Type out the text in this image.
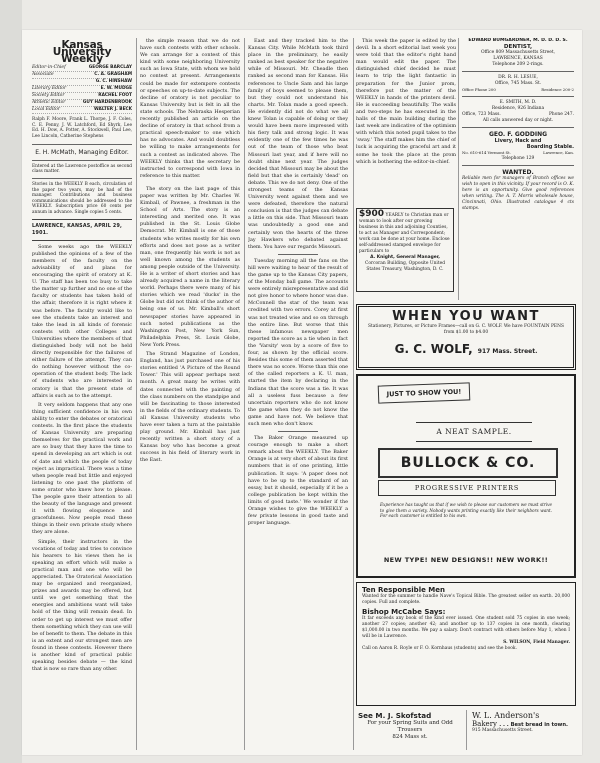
Kansas University Weekly
Editor-in-Chief	GEORGE BARCLAY
Associate	C. A. GRAGHAM
G. C. HINSHAW
Literary Editor	E. W. MUDGE
Society Editor	RACHEL FOOT
Athletic Editor	GUY HARDENBROOK
Local Editor	WALTER J. BECK
Ralph F. Moore, Frank L. Thorpe, J. F. Coles, C. E. Penny, J. W. Latchford, Ed Shyrk, Lee Ed. H. Dow, A. Potter, A. Stockwell, Paul Lee, Lee Lincoln, Catherine Stephens
E. H. McMath, Managing Editor.
Entered at the Lawrence postoffice as second class matter.
Stories in the WEEKLY B each, circulation of the paper two years, may be had of the manager. Contributions and business communications should be addressed to the WEEKLY. Subscription price 60 cents per annum in advance. Single copies 5 cents.
LAWRENCE, KANSAS, APRIL 29, 1901.

Some weeks ago the WEEKLY published the opinions of a few of the members of the faculty on the advisability of and plans for encouraging the spirit of oratory at K. U. The staff has been too busy to take the matter up further and no one of the faculty or students has taken hold of the affair, therefore it is right where it was before. The faculty would like to see the students take an interest and take the lead in all kinds of forensic contests with other Colleges and Universities where the members of that distinguished body will not be held directly responsible for the failures of either failure of the attempt. They can do nothing however without the co-operation of the student body. The lack of students who are interested in oratory is that the present state of affairs is such as to the attempt.

It very seldom happens that any one thing sufficient confidence in his own ability to enter the debates or oratorical contests. In the first place the students of Kansas University are preparing themselves for the practical work and are so busy that they have the time to spend in developing an art which is out of date and which the people of today reject as impractical. There was a time when people read but little and enjoyed listening to one past the platform of some orator who knew how to please. The people gave their attention to all the beauty of the language and present it with flowing eloquence and gracefulness. Now people read these things in their own private study where they are alone.

Simple, their instructors in the vocations of today and tries to convince his hearers to his views then he is speaking an effort which will make a practical man and one who will be appreciated. The Oratorical Association may be organized and reorganized, prizes and awards may be offered, but until we get something that the energies and ambitions want will take hold of the thing will remain dead. In order to get up interest we must offer them something which they can use will be of benefit to them. The debate in this is an extent and our strongest men are found in these contests. However there is another kind of practical public speaking besides debate — the kind that is now so rare than any other.

the simple reason that we do not have such contests with other schools. We can arrange for a contest of this kind with some neighboring University such as Iowa State, with whom we hold no contest at present. Arrangements could be made for extempore contests or speeches on up-to-date subjects. The decline of oratory is not peculiar to Kansas University but is felt in all the state schools. The Nebraska Hesperian recently published an article on the decline of oratory in that school from a practical speech-maker to one which has no advocates. And would doubtless be willing to make arrangements for such a contest as indicated above. The WEEKLY thinks that the secretary be instructed to correspond with Iowa in reference to this matter.

The story on the last page of this paper was written by Mr. Charles W. Kimball, of Pawnee, a freshman in the School of Arts. The story is an interesting and merited one. It was published in the St. Louis Globe Democrat. Mr. Kimball is one of those students who writes mostly for his own efforts and does not pose as a writer man, one frequently his work is not as well known among the students as among people outside of the University. He is a writer of short stories and has already acquired a name in the literary world. Perhaps there were many of his stories which we read 'ducks' in the Globe but did not think of the author of being one of us. Mr. Kimball's short newspaper stories have appeared in such noted publications as the Washington Post, New York Sun, Philadelphia Press, St. Louis Globe, New York Press.

The Strand Magazine of London, England, has just purchased one of his stories entitled 'A Picture of the Round Tower.' This will appear perhaps next month. A great many he writes with dates connected with the painting of the class numbers on the standpipe and will be fascinating to those interested in the fields of the ordinary students. To all Kansas University students who have ever taken a turn at the paintable play ground. Mr. Kimball has just recently written a short story of a Kansas boy who has become a great success in his field of literary work in the East.

East and they tracked him to the Kansas City. While McMath took third place in the preliminary, he easily ranked as best speaker for the negative while of Missouri. Mr. Cheadle then ranked as second man for Kansas. His references to Uncle Sam and his large family of boys seemed to please them, but they could not understand his charts. Mr. Tolan made a good speech. He evidently did not do what we all knew Tolan is capable of doing or they would have been more impressed with his fiery talk and strong logic. It was evidently one of the few times he was out of the team of those who beat Missouri last year, and if here will no doubt shine next year. The judges decided that Missouri may be about the field but that she is certainly 'dead' on debate. This we do not deny. One of the strongest teams of the Kansas University went against them and we were defeated, therefore the natural conclusion is that the judges can debate a little on this side. That Missouri team was undoubtedly a good one and certainly won the hearts of the three Jay Hawkers who debated against them. You have our regards Missouri.

Tuesday morning all the fans on the hill were waiting to hear of the result of the game up to the Kansas City papers, of the Monday ball game. The accounts were entirely misrepresentative and did not give honor to where honor was due. McConnell the star of the team was credited with two errors. Corey at first was not treated wise and so on through the entire line. But worse that this these infamous newspaper men reported the score as a tie when in fact the 'Varsity' won by a score of five to four, as shown by the official score. Besides this some of them asserted that there was no score. Worse than this one of the called reporters a K. U. man, started the item by declaring in the Indians that the score was a tie. It was all a useless fuss because a few uncertain reporters who do not know the game when they do not know the game and have not. We believe that such men who don't know.

The Baker Orange measured up courage enough to make a short remark about the WEEKLY. The Baker Orange is at very short of about its first numbers that is of one printing, little publication. It says: 'A paper does not have to be up to the standard of an essay, but it should, especially if it be a college publication be kept within the limits of good taste.' We wonder if the Orange wishes to give the WEEKLY a few private lessons in good taste and proper language.

This week the paper is edited by the devil. In a short editorial last week you were told that the editor's right hand man would edit the paper. The distinguished chief decided he must learn to trip the light fantastic in preparation for the Junior prom, therefore put the matter of the WEEKLY in hands of the printers devil. He is succeeding beautifully. The walls and two-steps he has executed in the halls of the main building during the last week are indicative of the optimism with which this noted pupil takes to the 'sway.' The staff makes him the chief of luck is acquiring the graceful art and it some he took the place at the prom which is bothering the editor-in-chief.

$900 YEARLY to Christian man or woman to look after our growing business in this and adjoining Counties, to act as Manager and Correspondent; work can be done at your home. Enclose self-addressed stamped envelope for particulars to
A. Knight, General Manager,
Corcoran Building, Opposite United States Treasury, Washington, D. C.
EDWARD BUMGARDNER, M. D. D. D. S.
DENTIST,
Office 809 Massachusetts Street,
LAWRENCE, KANSAS
Telephone 209 2-rings.
DR. R. H. LESUE,
Office, 745 Mass. St.
Office Phone 200	Residence 200-2
E. SMITH, M. D.
Residence, 926 Indiana
Office, 723 Mass.	Phone 247.
All calls answered day or night.
GEO. F. GODDING
Livery, Hack and
Boarding Stable.
No. 610-614 Vermont St.	Lawrence, Kan.
Telephone 129
WANTED.
Reliable men for managers of Branch offices we wish to open in this vicinity. If your record is O. K. here is an opportunity. Give good references when writing. The A. T. Morris wholesale house, Cincinnati, Ohio. Illustrated catalogue 4 cts stamps.
WHEN YOU WANT
Stationery, Pictures, or Picture Frames—call on G. C. WOLF. We have FOUNTAIN PENS from $1.00 to $4.00
G. C. WOLF, 917 Mass. Street.
JUST TO SHOW YOU!
A NEAT SAMPLE.
BULLOCK & CO.
PROGRESSIVE PRINTERS
Experience has taught us that if we wish to please our customers we must strive to give them a variety. Nobody wants printing exactly like their neighbors want. For each customer is entitled to his own.
NEW TYPE! NEW DESIGNS!! NEW WORK!!
Ten Responsible Men
Wanted for the summer to handle Nave's Topical Bible. The greatest seller on earth. 20,000 copies. Full and complete.
Bishop McCabe Says:
It far exceeds any book of the kind ever issued. One student sold 75 copies in one week; another 27 copies; another 42; and another up to 137 copies in one month, clearing $1,000.00 in two months. We pay a salary. Don't contract with others before May 1, when I will be in Lawrence.
S. WILSON, Field Manager.
Call on Aaron R. Royle or F. O. Kornhaus (students) and see the book.
See M. J. Skofstad
For your Spring Suits and Odd Trousers
824 Mass st.
W. L. Anderson's
Bakery . . . Best bread in town.
915 Massachusetts Street.
